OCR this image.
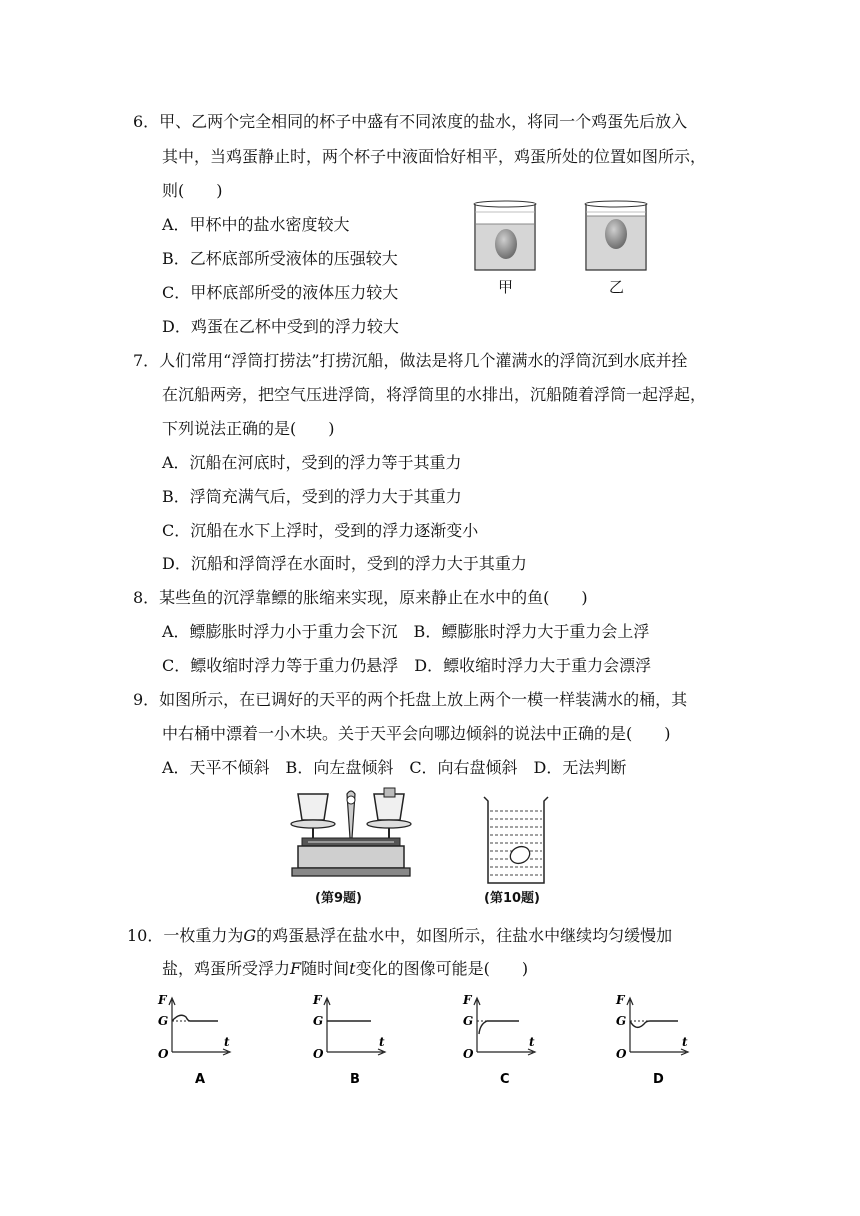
6．甲、乙两个完全相同的杯子中盛有不同浓度的盐水，将同一个鸡蛋先后放入
其中，当鸡蛋静止时，两个杯子中液面恰好相平，鸡蛋所处的位置如图所示，
则(　　)
A．甲杯中的盐水密度较大
B．乙杯底部所受液体的压强较大
C．甲杯底部所受的液体压力较大
D．鸡蛋在乙杯中受到的浮力较大
甲	乙
7．人们常用“浮筒打捞法”打捞沉船，做法是将几个灌满水的浮筒沉到水底并拴
在沉船两旁，把空气压进浮筒，将浮筒里的水排出，沉船随着浮筒一起浮起，
下列说法正确的是(　　)
A．沉船在河底时，受到的浮力等于其重力
B．浮筒充满气后，受到的浮力大于其重力
C．沉船在水下上浮时，受到的浮力逐渐变小
D．沉船和浮筒浮在水面时，受到的浮力大于其重力
8．某些鱼的沉浮靠鳔的胀缩来实现，原来静止在水中的鱼(　　)
A．鳔膨胀时浮力小于重力会下沉　B．鳔膨胀时浮力大于重力会上浮
C．鳔收缩时浮力等于重力仍悬浮　D．鳔收缩时浮力大于重力会漂浮
9．如图所示，在已调好的天平的两个托盘上放上两个一模一样装满水的桶，其
中右桶中漂着一小木块。关于天平会向哪边倾斜的说法中正确的是(　　)
A．天平不倾斜　B．向左盘倾斜　C．向右盘倾斜　D．无法判断
(第9题)	(第10题)
10．一枚重力为G的鸡蛋悬浮在盐水中，如图所示，往盐水中继续均匀缓慢加
盐，鸡蛋所受浮力F随时间t变化的图像可能是(　　)
F
G
O
t
A
F
G
O
t
B
F
G
O
t
C
F
G
O
t
D
